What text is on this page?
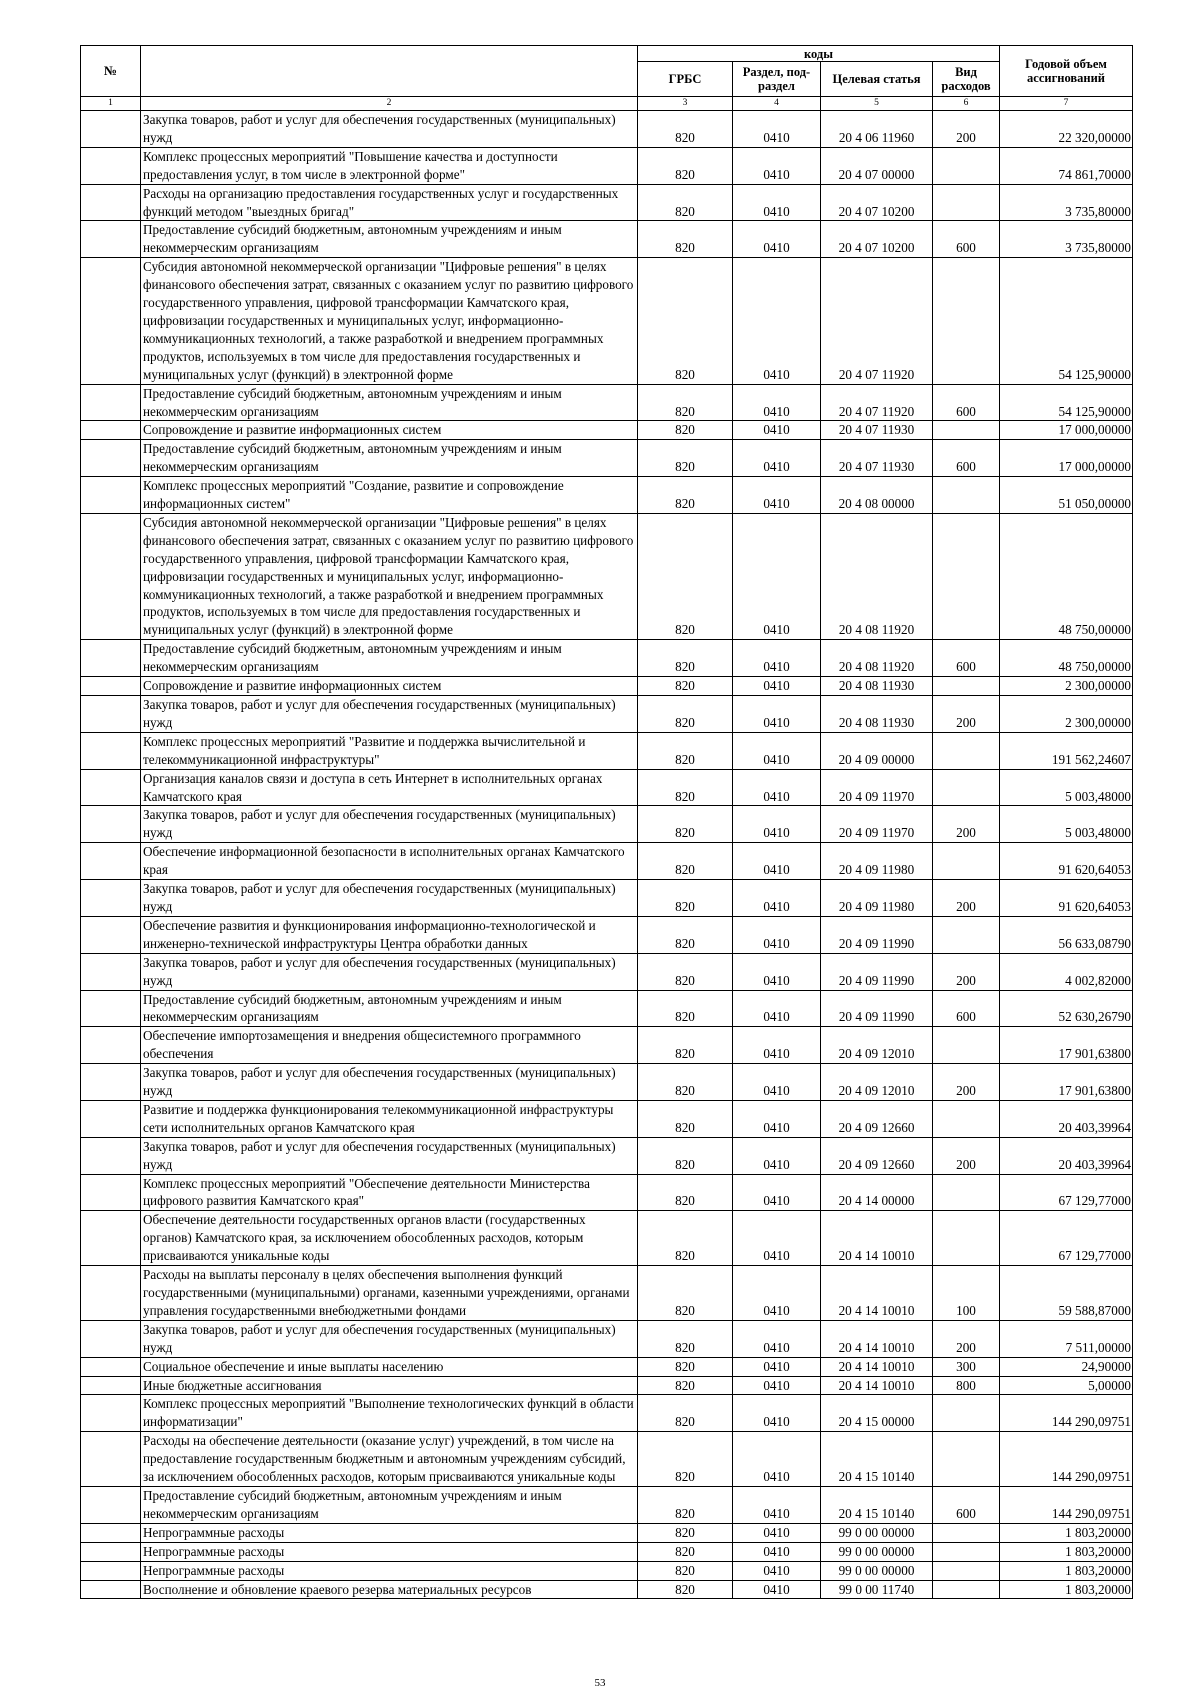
№		коды				Годовой объем ассигнований
		ГРБС	Раздел, под-раздел	Целевая статья	Вид расходов	
1	2	3	4	5	6	7
	Закупка товаров, работ и услуг для обеспечения государственных (муниципальных) нужд	820	0410	20 4 06 11960	200	22 320,00000
	Комплекс процессных мероприятий "Повышение качества и доступности предоставления услуг, в том числе в электронной форме"	820	0410	20 4 07 00000		74 861,70000
	Расходы на организацию предоставления государственных услуг и государственных функций методом "выездных бригад"	820	0410	20 4 07 10200		3 735,80000
	Предоставление субсидий бюджетным, автономным учреждениям и иным некоммерческим организациям	820	0410	20 4 07 10200	600	3 735,80000
	Субсидия автономной некоммерческой организации "Цифровые решения" в целях финансового обеспечения затрат, связанных с оказанием услуг по развитию цифрового государственного управления, цифровой трансформации Камчатского края, цифровизации государственных и муниципальных услуг, информационно-коммуникационных технологий, а также разработкой и внедрением программных продуктов, используемых в том числе для предоставления государственных и муниципальных услуг (функций) в электронной форме	820	0410	20 4 07 11920		54 125,90000
	Предоставление субсидий бюджетным, автономным учреждениям и иным некоммерческим организациям	820	0410	20 4 07 11920	600	54 125,90000
	Сопровождение и развитие информационных систем	820	0410	20 4 07 11930		17 000,00000
	Предоставление субсидий бюджетным, автономным учреждениям и иным некоммерческим организациям	820	0410	20 4 07 11930	600	17 000,00000
	Комплекс процессных мероприятий "Создание, развитие и сопровождение информационных систем"	820	0410	20 4 08 00000		51 050,00000
	Субсидия автономной некоммерческой организации "Цифровые решения" в целях финансового обеспечения затрат, связанных с оказанием услуг по развитию цифрового государственного управления, цифровой трансформации Камчатского края, цифровизации государственных и муниципальных услуг, информационно-коммуникационных технологий, а также разработкой и внедрением программных продуктов, используемых в том числе для предоставления государственных и муниципальных услуг (функций) в электронной форме	820	0410	20 4 08 11920		48 750,00000
	Предоставление субсидий бюджетным, автономным учреждениям и иным некоммерческим организациям	820	0410	20 4 08 11920	600	48 750,00000
	Сопровождение и развитие информационных систем	820	0410	20 4 08 11930		2 300,00000
	Закупка товаров, работ и услуг для обеспечения государственных (муниципальных) нужд	820	0410	20 4 08 11930	200	2 300,00000
	Комплекс процессных мероприятий "Развитие и поддержка вычислительной и телекоммуникационной инфраструктуры"	820	0410	20 4 09 00000		191 562,24607
	Организация каналов связи и доступа в сеть Интернет в исполнительных органах Камчатского края	820	0410	20 4 09 11970		5 003,48000
	Закупка товаров, работ и услуг для обеспечения государственных (муниципальных) нужд	820	0410	20 4 09 11970	200	5 003,48000
	Обеспечение информационной безопасности в исполнительных органах Камчатского края	820	0410	20 4 09 11980		91 620,64053
	Закупка товаров, работ и услуг для обеспечения государственных (муниципальных) нужд	820	0410	20 4 09 11980	200	91 620,64053
	Обеспечение развития и функционирования информационно-технологической и инженерно-технической инфраструктуры Центра обработки данных	820	0410	20 4 09 11990		56 633,08790
	Закупка товаров, работ и услуг для обеспечения государственных (муниципальных) нужд	820	0410	20 4 09 11990	200	4 002,82000
	Предоставление субсидий бюджетным, автономным учреждениям и иным некоммерческим организациям	820	0410	20 4 09 11990	600	52 630,26790
	Обеспечение импортозамещения и внедрения общесистемного программного обеспечения	820	0410	20 4 09 12010		17 901,63800
	Закупка товаров, работ и услуг для обеспечения государственных (муниципальных) нужд	820	0410	20 4 09 12010	200	17 901,63800
	Развитие и поддержка функционирования телекоммуникационной инфраструктуры сети исполнительных органов Камчатского края	820	0410	20 4 09 12660		20 403,39964
	Закупка товаров, работ и услуг для обеспечения государственных (муниципальных) нужд	820	0410	20 4 09 12660	200	20 403,39964
	Комплекс процессных мероприятий "Обеспечение деятельности Министерства цифрового развития Камчатского края"	820	0410	20 4 14 00000		67 129,77000
	Обеспечение деятельности государственных органов власти (государственных органов) Камчатского края, за исключением обособленных расходов, которым присваиваются уникальные коды	820	0410	20 4 14 10010		67 129,77000
	Расходы на выплаты персоналу в целях обеспечения выполнения функций государственными (муниципальными) органами, казенными учреждениями, органами управления государственными внебюджетными фондами	820	0410	20 4 14 10010	100	59 588,87000
	Закупка товаров, работ и услуг для обеспечения государственных (муниципальных) нужд	820	0410	20 4 14 10010	200	7 511,00000
	Социальное обеспечение и иные выплаты населению	820	0410	20 4 14 10010	300	24,90000
	Иные бюджетные ассигнования	820	0410	20 4 14 10010	800	5,00000
	Комплекс процессных мероприятий "Выполнение технологических функций в области информатизации"	820	0410	20 4 15 00000		144 290,09751
	Расходы на обеспечение деятельности (оказание услуг) учреждений, в том числе на предоставление государственным бюджетным и автономным учреждениям субсидий, за исключением обособленных расходов, которым присваиваются уникальные коды	820	0410	20 4 15 10140		144 290,09751
	Предоставление субсидий бюджетным, автономным учреждениям и иным некоммерческим организациям	820	0410	20 4 15 10140	600	144 290,09751
	Непрограммные расходы	820	0410	99 0 00 00000		1 803,20000
	Непрограммные расходы	820	0410	99 0 00 00000		1 803,20000
	Непрограммные расходы	820	0410	99 0 00 00000		1 803,20000
	Восполнение и обновление краевого резерва материальных ресурсов	820	0410	99 0 00 11740		1 803,20000
53
